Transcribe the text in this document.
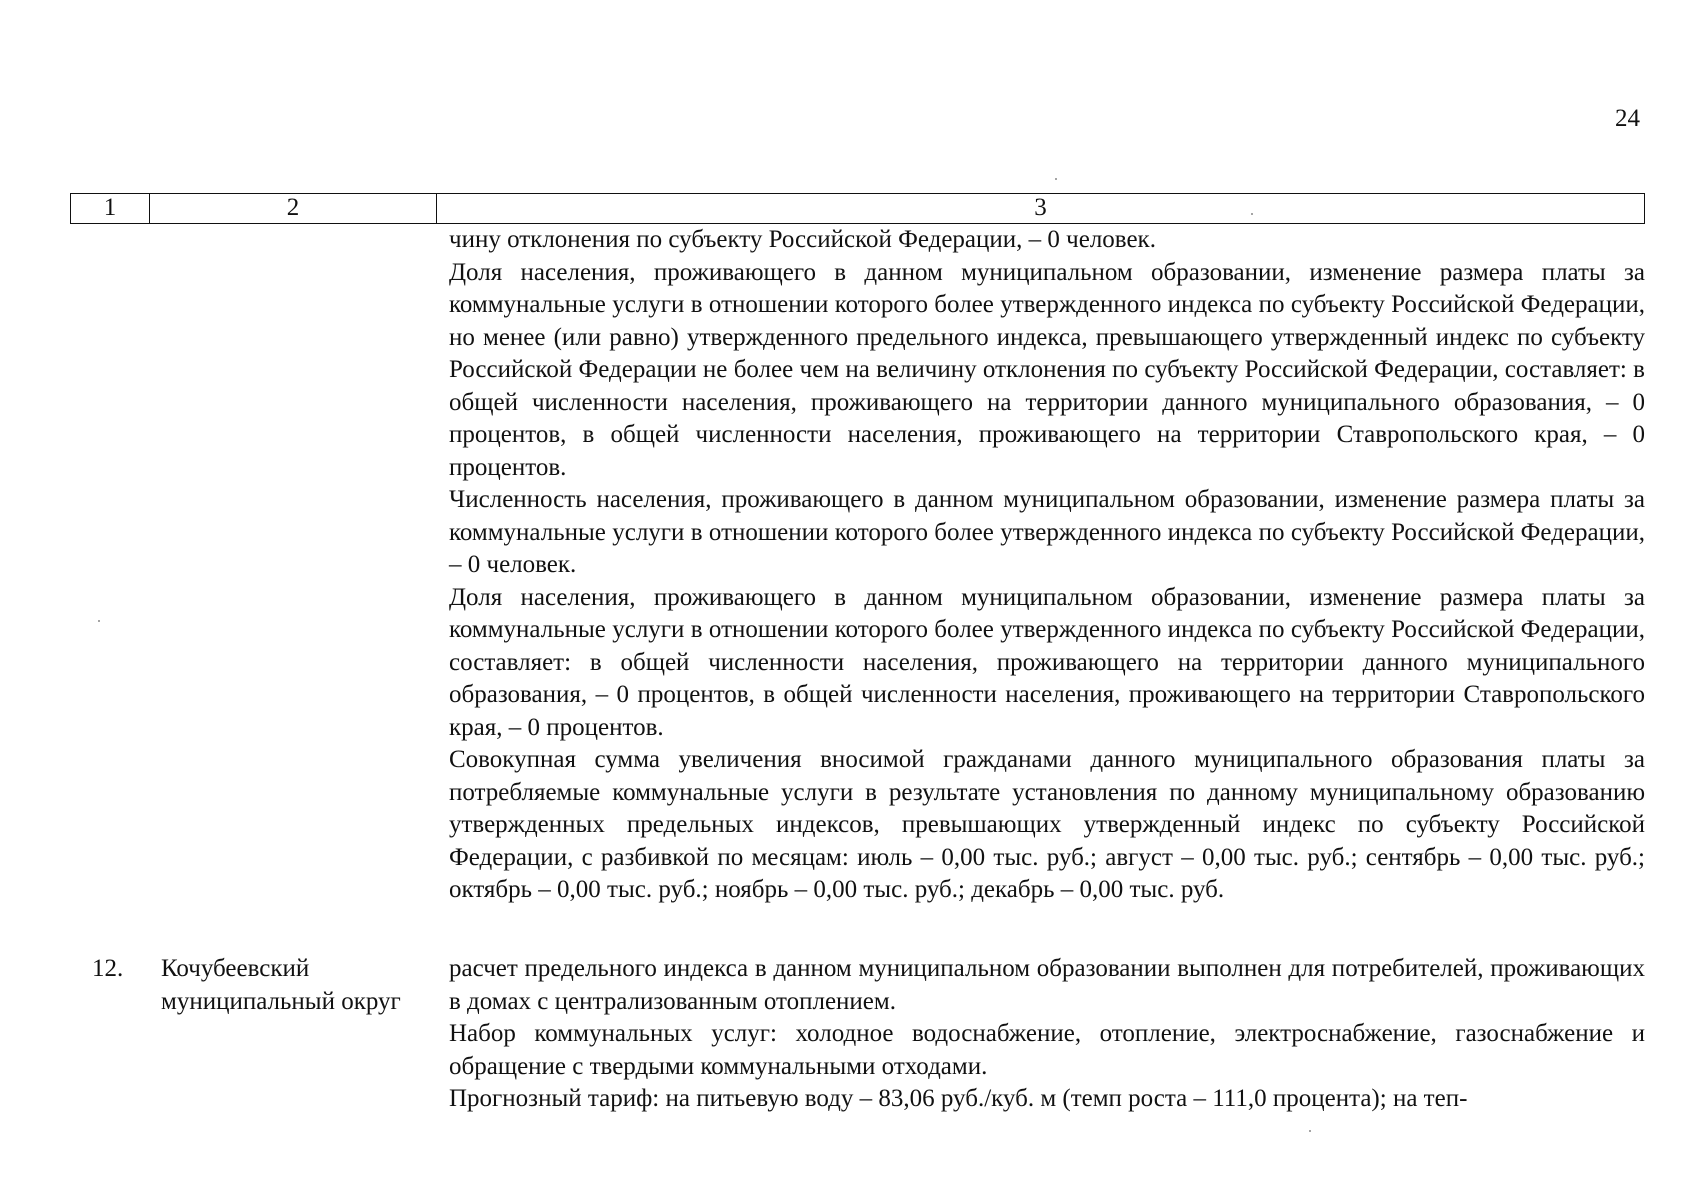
24
1	2	3

чину отклонения по субъекту Российской Федерации, – 0 человек.

Доля населения, проживающего в данном муниципальном образовании, изменение размера платы за коммунальные услуги в отношении которого более утвержденного индекса по субъекту Российской Федерации, но менее (или равно) утвержденного предельного индекса, превышающего утвержденный индекс по субъекту Российской Федерации не более чем на величину отклонения по субъекту Российской Федерации, составляет: в общей численности населения, проживающего на территории данного муниципального образования, – 0 процентов, в общей численности населения, проживающего на территории Ставропольского края, – 0 процентов.

Численность населения, проживающего в данном муниципальном образовании, изменение размера платы за коммунальные услуги в отношении которого более утвержденного индекса по субъекту Российской Федерации, – 0 человек.

Доля населения, проживающего в данном муниципальном образовании, изменение размера платы за коммунальные услуги в отношении которого более утвержденного индекса по субъекту Российской Федерации, составляет: в общей численности населения, проживающего на территории данного муниципального образования, – 0 процентов, в общей численности населения, проживающего на территории Ставропольского края, – 0 процентов.

Совокупная сумма увеличения вносимой гражданами данного муниципального образования платы за потребляемые коммунальные услуги в результате установления по данному муниципальному образованию утвержденных предельных индексов, превышающих утвержденный индекс по субъекту Российской Федерации, с разбивкой по месяцам: июль – 0,00 тыс. руб.; август – 0,00 тыс. руб.; сентябрь – 0,00 тыс. руб.; октябрь – 0,00 тыс. руб.; ноябрь – 0,00 тыс. руб.; декабрь – 0,00 тыс. руб.

12. Кочубеевский муниципальный округ

расчет предельного индекса в данном муниципальном образовании выполнен для потребителей, проживающих в домах с централизованным отоплением.

Набор коммунальных услуг: холодное водоснабжение, отопление, электроснабжение, газоснабжение и обращение с твердыми коммунальными отходами.

Прогнозный тариф: на питьевую воду – 83,06 руб./куб. м (темп роста – 111,0 процента); на теп-
